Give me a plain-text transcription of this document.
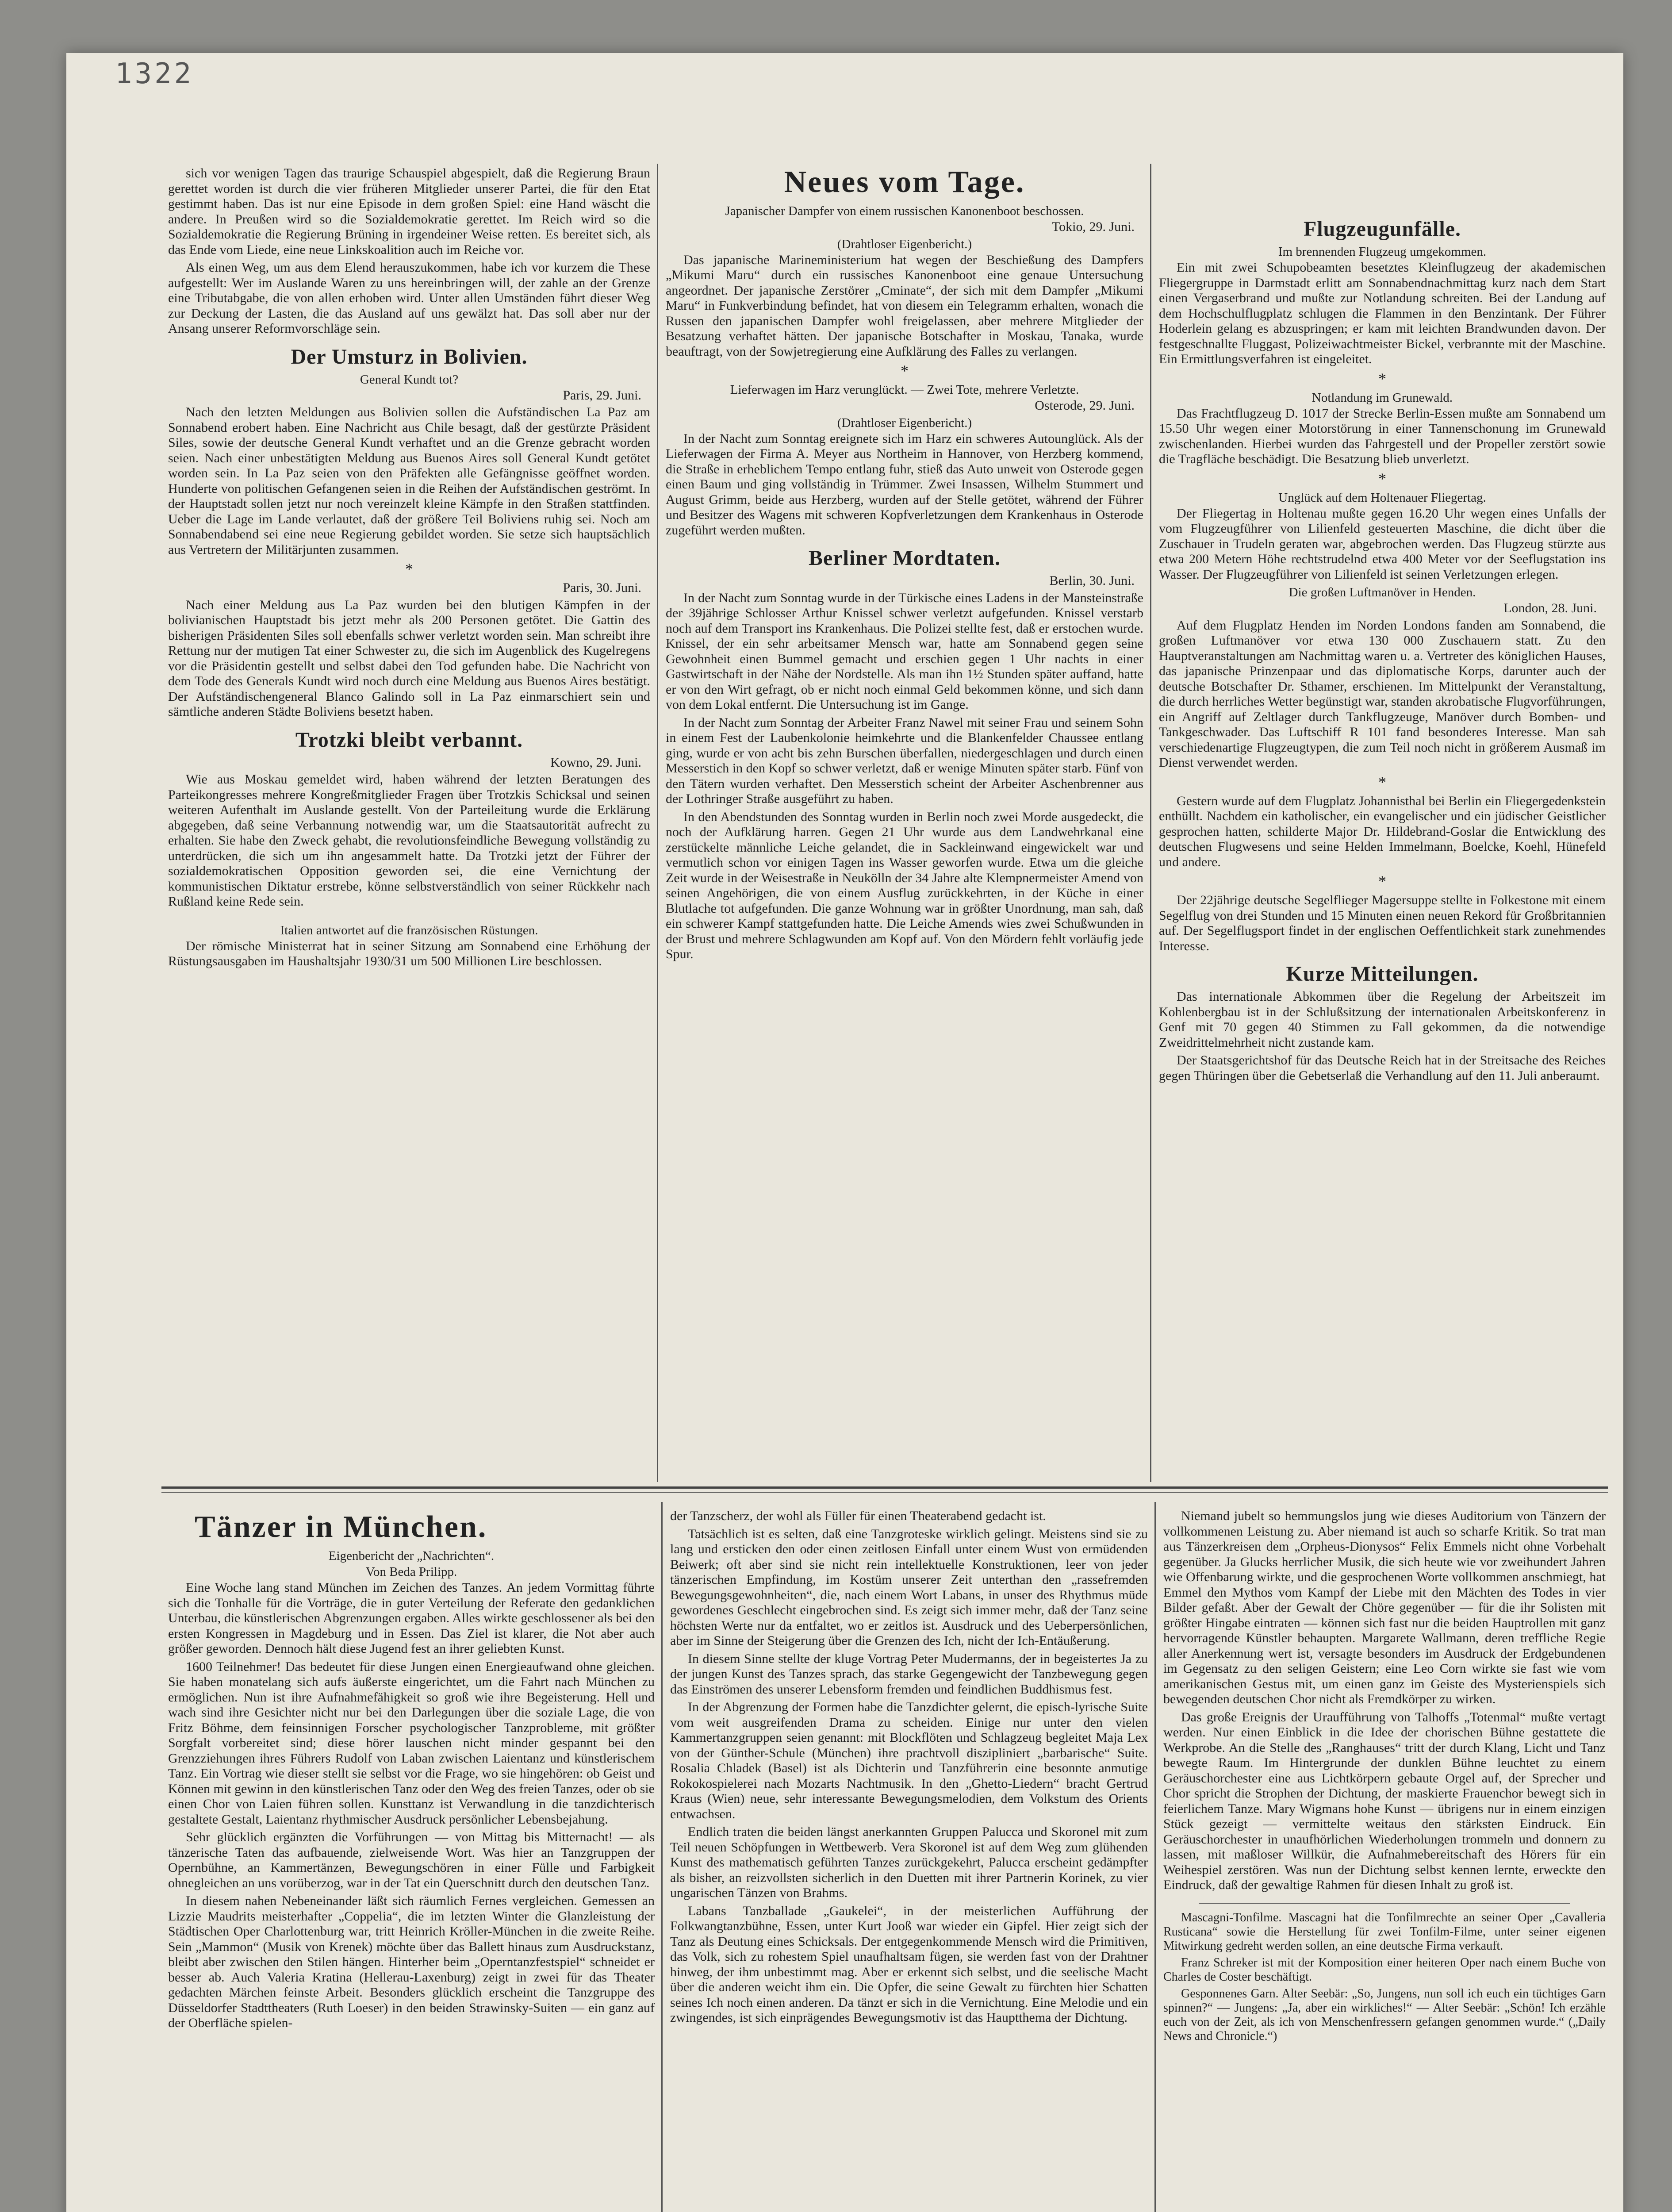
1322

sich vor wenigen Tagen das traurige Schauspiel abgespielt, daß die Regierung Braun gerettet worden ist durch die vier früheren Mitglieder unserer Partei, die für den Etat gestimmt haben. Das ist nur eine Episode in dem großen Spiel: eine Hand wäscht die andere. In Preußen wird so die Sozialdemokratie gerettet. Im Reich wird so die Sozialdemokratie die Regierung Brüning in irgendeiner Weise retten. Es bereitet sich, als das Ende vom Liede, eine neue Linkskoalition auch im Reiche vor.

Als einen Weg, um aus dem Elend herauszukommen, habe ich vor kurzem die These aufgestellt: Wer im Auslande Waren zu uns hereinbringen will, der zahle an der Grenze eine Tributabgabe, die von allen erhoben wird. Unter allen Umständen führt dieser Weg zur Deckung der Lasten, die das Ausland auf uns gewälzt hat. Das soll aber nur der Ansang unserer Reformvorschläge sein.

Der Umsturz in Bolivien.
General Kundt tot?
Paris, 29. Juni.

Nach den letzten Meldungen aus Bolivien sollen die Aufständischen La Paz am Sonnabend erobert haben. Eine Nachricht aus Chile besagt, daß der gestürzte Präsident Siles, sowie der deutsche General Kundt verhaftet und an die Grenze gebracht worden seien. Nach einer unbestätigten Meldung aus Buenos Aires soll General Kundt getötet worden sein. In La Paz seien von den Präfekten alle Gefängnisse geöffnet worden. Hunderte von politischen Gefangenen seien in die Reihen der Aufständischen geströmt. In der Hauptstadt sollen jetzt nur noch vereinzelt kleine Kämpfe in den Straßen stattfinden. Ueber die Lage im Lande verlautet, daß der größere Teil Boliviens ruhig sei. Noch am Sonnabendabend sei eine neue Regierung gebildet worden. Sie setze sich hauptsächlich aus Vertretern der Militärjunten zusammen.

*
Paris, 30. Juni.

Nach einer Meldung aus La Paz wurden bei den blutigen Kämpfen in der bolivianischen Hauptstadt bis jetzt mehr als 200 Personen getötet. Die Gattin des bisherigen Präsidenten Siles soll ebenfalls schwer verletzt worden sein. Man schreibt ihre Rettung nur der mutigen Tat einer Schwester zu, die sich im Augenblick des Kugelregens vor die Präsidentin gestellt und selbst dabei den Tod gefunden habe. Die Nachricht von dem Tode des Generals Kundt wird noch durch eine Meldung aus Buenos Aires bestätigt. Der Aufständischengeneral Blanco Galindo soll in La Paz einmarschiert sein und sämtliche anderen Städte Boliviens besetzt haben.

Trotzki bleibt verbannt.
Kowno, 29. Juni.

Wie aus Moskau gemeldet wird, haben während der letzten Beratungen des Parteikongresses mehrere Kongreßmitglieder Fragen über Trotzkis Schicksal und seinen weiteren Aufenthalt im Auslande gestellt. Von der Parteileitung wurde die Erklärung abgegeben, daß seine Verbannung notwendig war, um die Staatsautorität aufrecht zu erhalten. Sie habe den Zweck gehabt, die revolutionsfeindliche Bewegung vollständig zu unterdrücken, die sich um ihn angesammelt hatte. Da Trotzki jetzt der Führer der sozialdemokratischen Opposition geworden sei, die eine Vernichtung der kommunistischen Diktatur erstrebe, könne selbstverständlich von seiner Rückkehr nach Rußland keine Rede sein.

Italien antwortet auf die französischen Rüstungen.

Der römische Ministerrat hat in seiner Sitzung am Sonnabend eine Erhöhung der Rüstungsausgaben im Haushaltsjahr 1930/31 um 500 Millionen Lire beschlossen.

Neues vom Tage.
Japanischer Dampfer von einem russischen Kanonenboot beschossen.
Tokio, 29. Juni.
(Drahtloser Eigenbericht.)

Das japanische Marineministerium hat wegen der Beschießung des Dampfers „Mikumi Maru“ durch ein russisches Kanonenboot eine genaue Untersuchung angeordnet. Der japanische Zerstörer „Cminate“, der sich mit dem Dampfer „Mikumi Maru“ in Funkverbindung befindet, hat von diesem ein Telegramm erhalten, wonach die Russen den japanischen Dampfer wohl freigelassen, aber mehrere Mitglieder der Besatzung verhaftet hätten. Der japanische Botschafter in Moskau, Tanaka, wurde beauftragt, von der Sowjetregierung eine Aufklärung des Falles zu verlangen.

*
Lieferwagen im Harz verunglückt. — Zwei Tote, mehrere Verletzte.
Osterode, 29. Juni.
(Drahtloser Eigenbericht.)

In der Nacht zum Sonntag ereignete sich im Harz ein schweres Autounglück. Als der Lieferwagen der Firma A. Meyer aus Northeim in Hannover, von Herzberg kommend, die Straße in erheblichem Tempo entlang fuhr, stieß das Auto unweit von Osterode gegen einen Baum und ging vollständig in Trümmer. Zwei Insassen, Wilhelm Stummert und August Grimm, beide aus Herzberg, wurden auf der Stelle getötet, während der Führer und Besitzer des Wagens mit schweren Kopfverletzungen dem Krankenhaus in Osterode zugeführt werden mußten.

Berliner Mordtaten.
Berlin, 30. Juni.

In der Nacht zum Sonntag wurde in der Türkische eines Ladens in der Mansteinstraße der 39jährige Schlosser Arthur Knissel schwer verletzt aufgefunden. Knissel verstarb noch auf dem Transport ins Krankenhaus. Die Polizei stellte fest, daß er erstochen wurde. Knissel, der ein sehr arbeitsamer Mensch war, hatte am Sonnabend gegen seine Gewohnheit einen Bummel gemacht und erschien gegen 1 Uhr nachts in einer Gastwirtschaft in der Nähe der Nordstelle. Als man ihn 1½ Stunden später auffand, hatte er von den Wirt gefragt, ob er nicht noch einmal Geld bekommen könne, und sich dann von dem Lokal entfernt. Die Untersuchung ist im Gange.

In der Nacht zum Sonntag der Arbeiter Franz Nawel mit seiner Frau und seinem Sohn in einem Fest der Laubenkolonie heimkehrte und die Blankenfelder Chaussee entlang ging, wurde er von acht bis zehn Burschen überfallen, niedergeschlagen und durch einen Messerstich in den Kopf so schwer verletzt, daß er wenige Minuten später starb. Fünf von den Tätern wurden verhaftet. Den Messerstich scheint der Arbeiter Aschenbrenner aus der Lothringer Straße ausgeführt zu haben.

In den Abendstunden des Sonntag wurden in Berlin noch zwei Morde ausgedeckt, die noch der Aufklärung harren. Gegen 21 Uhr wurde aus dem Landwehrkanal eine zerstückelte männliche Leiche gelandet, die in Sackleinwand eingewickelt war und vermutlich schon vor einigen Tagen ins Wasser geworfen wurde. Etwa um die gleiche Zeit wurde in der Weisestraße in Neukölln der 34 Jahre alte Klempnermeister Amend von seinen Angehörigen, die von einem Ausflug zurückkehrten, in der Küche in einer Blutlache tot aufgefunden. Die ganze Wohnung war in größter Unordnung, man sah, daß ein schwerer Kampf stattgefunden hatte. Die Leiche Amends wies zwei Schußwunden in der Brust und mehrere Schlagwunden am Kopf auf. Von den Mördern fehlt vorläufig jede Spur.

Flugzeugunfälle.
Im brennenden Flugzeug umgekommen.

Ein mit zwei Schupobeamten besetztes Kleinflugzeug der akademischen Fliegergruppe in Darmstadt erlitt am Sonnabendnachmittag kurz nach dem Start einen Vergaserbrand und mußte zur Notlandung schreiten. Bei der Landung auf dem Hochschulflugplatz schlugen die Flammen in den Benzintank. Der Führer Hoderlein gelang es abzuspringen; er kam mit leichten Brandwunden davon. Der festgeschnallte Fluggast, Polizeiwachtmeister Bickel, verbrannte mit der Maschine. Ein Ermittlungsverfahren ist eingeleitet.

*
Notlandung im Grunewald.

Das Frachtflugzeug D. 1017 der Strecke Berlin-Essen mußte am Sonnabend um 15.50 Uhr wegen einer Motorstörung in einer Tannenschonung im Grunewald zwischenlanden. Hierbei wurden das Fahrgestell und der Propeller zerstört sowie die Tragfläche beschädigt. Die Besatzung blieb unverletzt.

*
Unglück auf dem Holtenauer Fliegertag.

Der Fliegertag in Holtenau mußte gegen 16.20 Uhr wegen eines Unfalls der vom Flugzeugführer von Lilienfeld gesteuerten Maschine, die dicht über die Zuschauer in Trudeln geraten war, abgebrochen werden. Das Flugzeug stürzte aus etwa 200 Metern Höhe rechtstrudelnd etwa 400 Meter vor der Seeflugstation ins Wasser. Der Flugzeugführer von Lilienfeld ist seinen Verletzungen erlegen.

Die großen Luftmanöver in Henden.
London, 28. Juni.

Auf dem Flugplatz Henden im Norden Londons fanden am Sonnabend, die großen Luftmanöver vor etwa 130 000 Zuschauern statt. Zu den Hauptveranstaltungen am Nachmittag waren u. a. Vertreter des königlichen Hauses, das japanische Prinzenpaar und das diplomatische Korps, darunter auch der deutsche Botschafter Dr. Sthamer, erschienen. Im Mittelpunkt der Veranstaltung, die durch herrliches Wetter begünstigt war, standen akrobatische Flugvorführungen, ein Angriff auf Zeltlager durch Tankflugzeuge, Manöver durch Bomben- und Tankgeschwader. Das Luftschiff R 101 fand besonderes Interesse. Man sah verschiedenartige Flugzeugtypen, die zum Teil noch nicht in größerem Ausmaß im Dienst verwendet werden.

*

Gestern wurde auf dem Flugplatz Johannisthal bei Berlin ein Fliegergedenkstein enthüllt. Nachdem ein katholischer, ein evangelischer und ein jüdischer Geistlicher gesprochen hatten, schilderte Major Dr. Hildebrand-Goslar die Entwicklung des deutschen Flugwesens und seine Helden Immelmann, Boelcke, Koehl, Hünefeld und andere.

*

Der 22jährige deutsche Segelflieger Magersuppe stellte in Folkestone mit einem Segelflug von drei Stunden und 15 Minuten einen neuen Rekord für Großbritannien auf. Der Segelflugsport findet in der englischen Oeffentlichkeit stark zunehmendes Interesse.

Kurze Mitteilungen.

Das internationale Abkommen über die Regelung der Arbeitszeit im Kohlenbergbau ist in der Schlußsitzung der internationalen Arbeitskonferenz in Genf mit 70 gegen 40 Stimmen zu Fall gekommen, da die notwendige Zweidrittelmehrheit nicht zustande kam.

Der Staatsgerichtshof für das Deutsche Reich hat in der Streitsache des Reiches gegen Thüringen über die Gebetserlaß die Verhandlung auf den 11. Juli anberaumt.

Tänzer in München.
Eigenbericht der „Nachrichten“.
Von Beda Prilipp.

Eine Woche lang stand München im Zeichen des Tanzes. An jedem Vormittag führte sich die Tonhalle für die Vorträge, die in guter Verteilung der Referate den gedanklichen Unterbau, die künstlerischen Abgrenzungen ergaben. Alles wirkte geschlossener als bei den ersten Kongressen in Magdeburg und in Essen. Das Ziel ist klarer, die Not aber auch größer geworden. Dennoch hält diese Jugend fest an ihrer geliebten Kunst.

1600 Teilnehmer! Das bedeutet für diese Jungen einen Energieaufwand ohne gleichen. Sie haben monatelang sich aufs äußerste eingerichtet, um die Fahrt nach München zu ermöglichen. Nun ist ihre Aufnahmefähigkeit so groß wie ihre Begeisterung. Hell und wach sind ihre Gesichter nicht nur bei den Darlegungen über die soziale Lage, die von Fritz Böhme, dem feinsinnigen Forscher psychologischer Tanzprobleme, mit größter Sorgfalt vorbereitet sind; diese hörer lauschen nicht minder gespannt bei den Grenzziehungen ihres Führers Rudolf von Laban zwischen Laientanz und künstlerischem Tanz. Ein Vortrag wie dieser stellt sie selbst vor die Frage, wo sie hingehören: ob Geist und Können mit gewinn in den künstlerischen Tanz oder den Weg des freien Tanzes, oder ob sie einen Chor von Laien führen sollen. Kunsttanz ist Verwandlung in die tanzdichterisch gestaltete Gestalt, Laientanz rhythmischer Ausdruck persönlicher Lebensbejahung.

Sehr glücklich ergänzten die Vorführungen — von Mittag bis Mitternacht! — als tänzerische Taten das aufbauende, zielweisende Wort. Was hier an Tanzgruppen der Opernbühne, an Kammertänzen, Bewegungschören in einer Fülle und Farbigkeit ohnegleichen an uns vorüberzog, war in der Tat ein Querschnitt durch den deutschen Tanz.

In diesem nahen Nebeneinander läßt sich räumlich Fernes vergleichen. Gemessen an Lizzie Maudrits meisterhafter „Coppelia“, die im letzten Winter die Glanzleistung der Städtischen Oper Charlottenburg war, tritt Heinrich Kröller-München in die zweite Reihe. Sein „Mammon“ (Musik von Krenek) möchte über das Ballett hinaus zum Ausdruckstanz, bleibt aber zwischen den Stilen hängen. Hinterher beim „Operntanzfestspiel“ schneidet er besser ab. Auch Valeria Kratina (Hellerau-Laxenburg) zeigt in zwei für das Theater gedachten Märchen feinste Arbeit. Besonders glücklich erscheint die Tanzgruppe des Düsseldorfer Stadttheaters (Ruth Loeser) in den beiden Strawinsky-Suiten — ein ganz auf der Oberfläche spielen-

der Tanzscherz, der wohl als Füller für einen Theaterabend gedacht ist.

Tatsächlich ist es selten, daß eine Tanzgroteske wirklich gelingt. Meistens sind sie zu lang und ersticken den oder einen zeitlosen Einfall unter einem Wust von ermüdenden Beiwerk; oft aber sind sie nicht rein intellektuelle Konstruktionen, leer von jeder tänzerischen Empfindung, im Kostüm unserer Zeit unterthan den „rassefremden Bewegungsgewohnheiten“, die, nach einem Wort Labans, in unser des Rhythmus müde gewordenes Geschlecht eingebrochen sind. Es zeigt sich immer mehr, daß der Tanz seine höchsten Werte nur da entfaltet, wo er zeitlos ist. Ausdruck und des Ueberpersönlichen, aber im Sinne der Steigerung über die Grenzen des Ich, nicht der Ich-Entäußerung.

In diesem Sinne stellte der kluge Vortrag Peter Mudermanns, der in begeistertes Ja zu der jungen Kunst des Tanzes sprach, das starke Gegengewicht der Tanzbewegung gegen das Einströmen des unserer Lebensform fremden und feindlichen Buddhismus fest.

In der Abgrenzung der Formen habe die Tanzdichter gelernt, die episch-lyrische Suite vom weit ausgreifenden Drama zu scheiden. Einige nur unter den vielen Kammertanzgruppen seien genannt: mit Blockflöten und Schlagzeug begleitet Maja Lex von der Günther-Schule (München) ihre prachtvoll diszipliniert „barbarische“ Suite. Rosalia Chladek (Basel) ist als Dichterin und Tanzführerin eine besonnte anmutige Rokokospielerei nach Mozarts Nachtmusik. In den „Ghetto-Liedern“ bracht Gertrud Kraus (Wien) neue, sehr interessante Bewegungsmelodien, dem Volkstum des Orients entwachsen.

Endlich traten die beiden längst anerkannten Gruppen Palucca und Skoronel mit zum Teil neuen Schöpfungen in Wettbewerb. Vera Skoronel ist auf dem Weg zum glühenden Kunst des mathematisch geführten Tanzes zurückgekehrt, Palucca erscheint gedämpfter als bisher, an reizvollsten sicherlich in den Duetten mit ihrer Partnerin Korinek, zu vier ungarischen Tänzen von Brahms.

Labans Tanzballade „Gaukelei“, in der meisterlichen Aufführung der Folkwangtanzbühne, Essen, unter Kurt Jooß war wieder ein Gipfel. Hier zeigt sich der Tanz als Deutung eines Schicksals. Der entgegenkommende Mensch wird die Primitiven, das Volk, sich zu rohestem Spiel unaufhaltsam fügen, sie werden fast von der Drahtner hinweg, der ihm unbestimmt mag. Aber er erkennt sich selbst, und die seelische Macht über die anderen weicht ihm ein. Die Opfer, die seine Gewalt zu fürchten hier Schatten seines Ich noch einen anderen. Da tänzt er sich in die Vernichtung. Eine Melodie und ein zwingendes, ist sich einprägendes Bewegungsmotiv ist das Hauptthema der Dichtung.

Niemand jubelt so hemmungslos jung wie dieses Auditorium von Tänzern der vollkommenen Leistung zu. Aber niemand ist auch so scharfe Kritik. So trat man aus Tänzerkreisen dem „Orpheus-Dionysos“ Felix Emmels nicht ohne Vorbehalt gegenüber. Ja Glucks herrlicher Musik, die sich heute wie vor zweihundert Jahren wie Offenbarung wirkte, und die gesprochenen Worte vollkommen anschmiegt, hat Emmel den Mythos vom Kampf der Liebe mit den Mächten des Todes in vier Bilder gefaßt. Aber der Gewalt der Chöre gegenüber — für die ihr Solisten mit größter Hingabe eintraten — können sich fast nur die beiden Hauptrollen mit ganz hervorragende Künstler behaupten. Margarete Wallmann, deren treffliche Regie aller Anerkennung wert ist, versagte besonders im Ausdruck der Erdgebundenen im Gegensatz zu den seligen Geistern; eine Leo Corn wirkte sie fast wie vom amerikanischen Gestus mit, um einen ganz im Geiste des Mysterienspiels sich bewegenden deutschen Chor nicht als Fremdkörper zu wirken.

Das große Ereignis der Uraufführung von Talhoffs „Totenmal“ mußte vertagt werden. Nur einen Einblick in die Idee der chorischen Bühne gestattete die Werkprobe. An die Stelle des „Ranghauses“ tritt der durch Klang, Licht und Tanz bewegte Raum. Im Hintergrunde der dunklen Bühne leuchtet zu einem Geräuschorchester eine aus Lichtkörpern gebaute Orgel auf, der Sprecher und Chor spricht die Strophen der Dichtung, der maskierte Frauenchor bewegt sich in feierlichem Tanze. Mary Wigmans hohe Kunst — übrigens nur in einem einzigen Stück gezeigt — vermittelte weitaus den stärksten Eindruck. Ein Geräuschorchester in unaufhörlichen Wiederholungen trommeln und donnern zu lassen, mit maßloser Willkür, die Aufnahmebereitschaft des Hörers für ein Weihespiel zerstören. Was nun der Dichtung selbst kennen lernte, erweckte den Eindruck, daß der gewaltige Rahmen für diesen Inhalt zu groß ist.

Mascagni-Tonfilme. Mascagni hat die Tonfilmrechte an seiner Oper „Cavalleria Rusticana“ sowie die Herstellung für zwei Tonfilm-Filme, unter seiner eigenen Mitwirkung gedreht werden sollen, an eine deutsche Firma verkauft.

Franz Schreker ist mit der Komposition einer heiteren Oper nach einem Buche von Charles de Coster beschäftigt.

Gesponnenes Garn. Alter Seebär: „So, Jungens, nun soll ich euch ein tüchtiges Garn spinnen?“ — Jungens: „Ja, aber ein wirkliches!“ — Alter Seebär: „Schön! Ich erzähle euch von der Zeit, als ich von Menschenfressern gefangen genommen wurde.“ („Daily News and Chronicle.“)
